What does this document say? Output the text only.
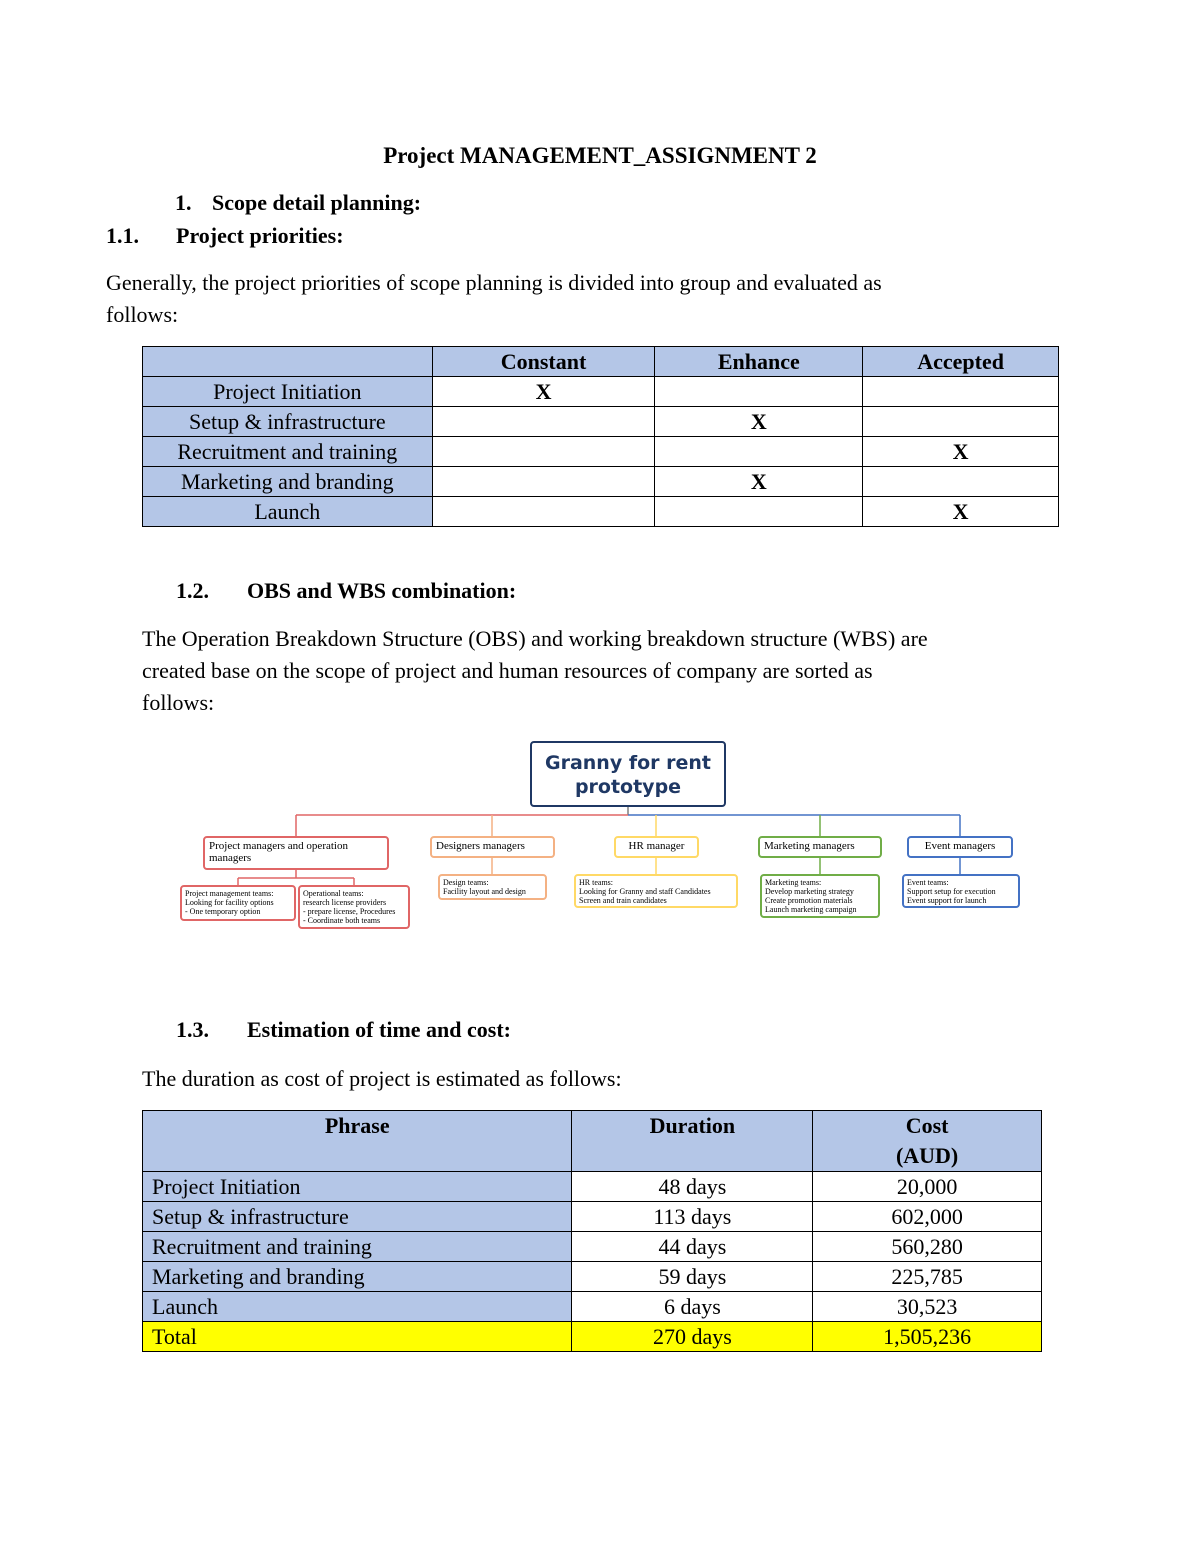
Project MANAGEMENT_ASSIGNMENT 2
1. Scope detail planning:
1.1. Project priorities:
Generally, the project priorities of scope planning is divided into group and evaluated as
follows:
	Constant	Enhance	Accepted
Project Initiation	X		
Setup & infrastructure		X	
Recruitment and training			X
Marketing and branding		X	
Launch			X
1.2. OBS and WBS combination:
The Operation Breakdown Structure (OBS) and working breakdown structure (WBS) are
created base on the scope of project and human resources of company are sorted as
follows:
Granny for rent
prototype
Project managers and operation managers
Designers managers	HR manager	Marketing managers	Event managers
Project management teams:
Looking for facility options
- One temporary option
Operational teams:
research license providers
- prepare license, Procedures
- Coordinate both teams
Design teams:
Facility layout and design
HR teams:
Looking for Granny and staff Candidates
Screen and train candidates
Marketing teams:
Develop marketing strategy
Create promotion materials
Launch marketing campaign
Event teams:
Support setup for execution
Event support for launch
1.3. Estimation of time and cost:
The duration as cost of project is estimated as follows:
Phrase	Duration	Cost
(AUD)

Project Initiation	48 days	20,000
Setup & infrastructure	113 days	602,000
Recruitment and training	44 days	560,280
Marketing and branding	59 days	225,785
Launch	6 days	30,523
Total	270 days	1,505,236
